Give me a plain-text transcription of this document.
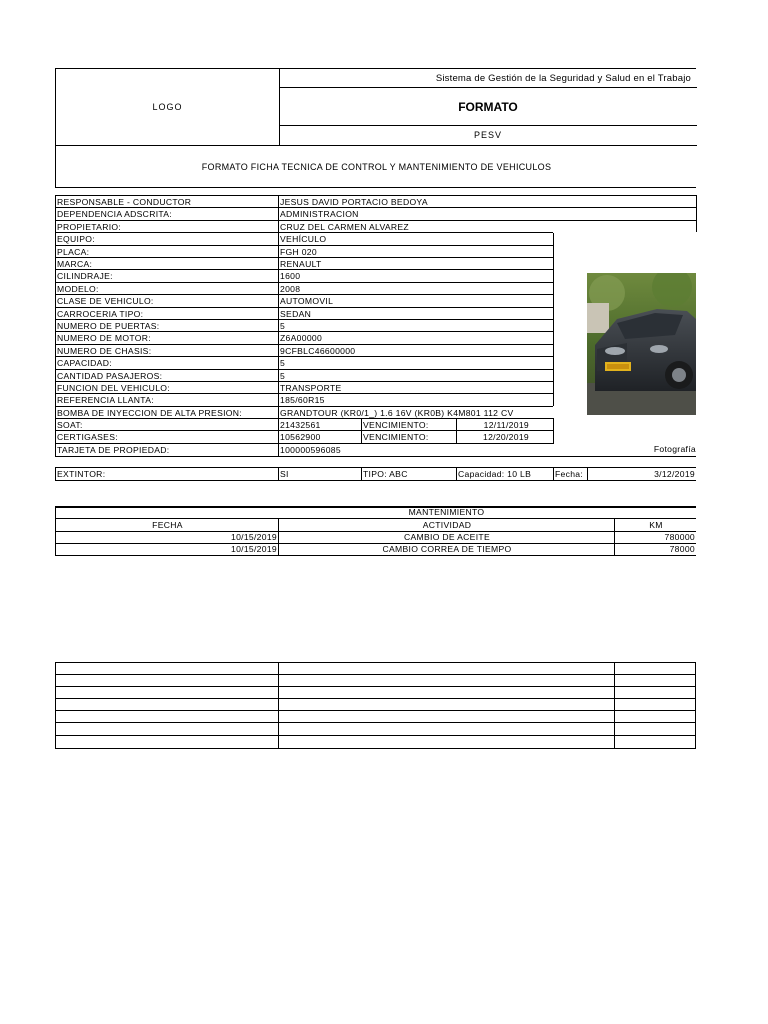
LOGO
Sistema de Gestión de la Seguridad y Salud en el Trabajo
FORMATO
PESV
FORMATO FICHA TECNICA DE CONTROL Y MANTENIMIENTO DE VEHICULOS
RESPONSABLE - CONDUCTOR	JESUS DAVID PORTACIO BEDOYA
DEPENDENCIA ADSCRITA:	ADMINISTRACION
PROPIETARIO:	CRUZ DEL CARMEN ALVAREZ
EQUIPO:	VEHÍCULO
PLACA:	FGH 020
MARCA:	RENAULT
CILINDRAJE:	1600
MODELO:	2008
CLASE DE VEHICULO:	AUTOMOVIL
CARROCERIA TIPO:	SEDAN
NUMERO DE PUERTAS:	5
NUMERO DE MOTOR:	Z6A00000
NUMERO DE CHASIS:	9CFBLC46600000
CAPACIDAD:	5
CANTIDAD PASAJEROS:	5
FUNCION DEL VEHICULO:	TRANSPORTE
REFERENCIA LLANTA:	185/60R15
BOMBA DE INYECCION DE ALTA PRESION:	GRANDTOUR (KR0/1_) 1.6 16V (KR0B) K4M801 112 CV
SOAT:	21432561	VENCIMIENTO:	12/11/2019
CERTIGASES:	10562900	VENCIMIENTO:	12/20/2019
TARJETA DE PROPIEDAD:	100000596085	Fotografía
EXTINTOR:	SI	TIPO: ABC	Capacidad: 10 LB	Fecha:	3/12/2019
MANTENIMIENTO
FECHA	ACTIVIDAD	KM
10/15/2019	CAMBIO DE ACEITE	780000
10/15/2019	CAMBIO CORREA DE TIEMPO	78000
